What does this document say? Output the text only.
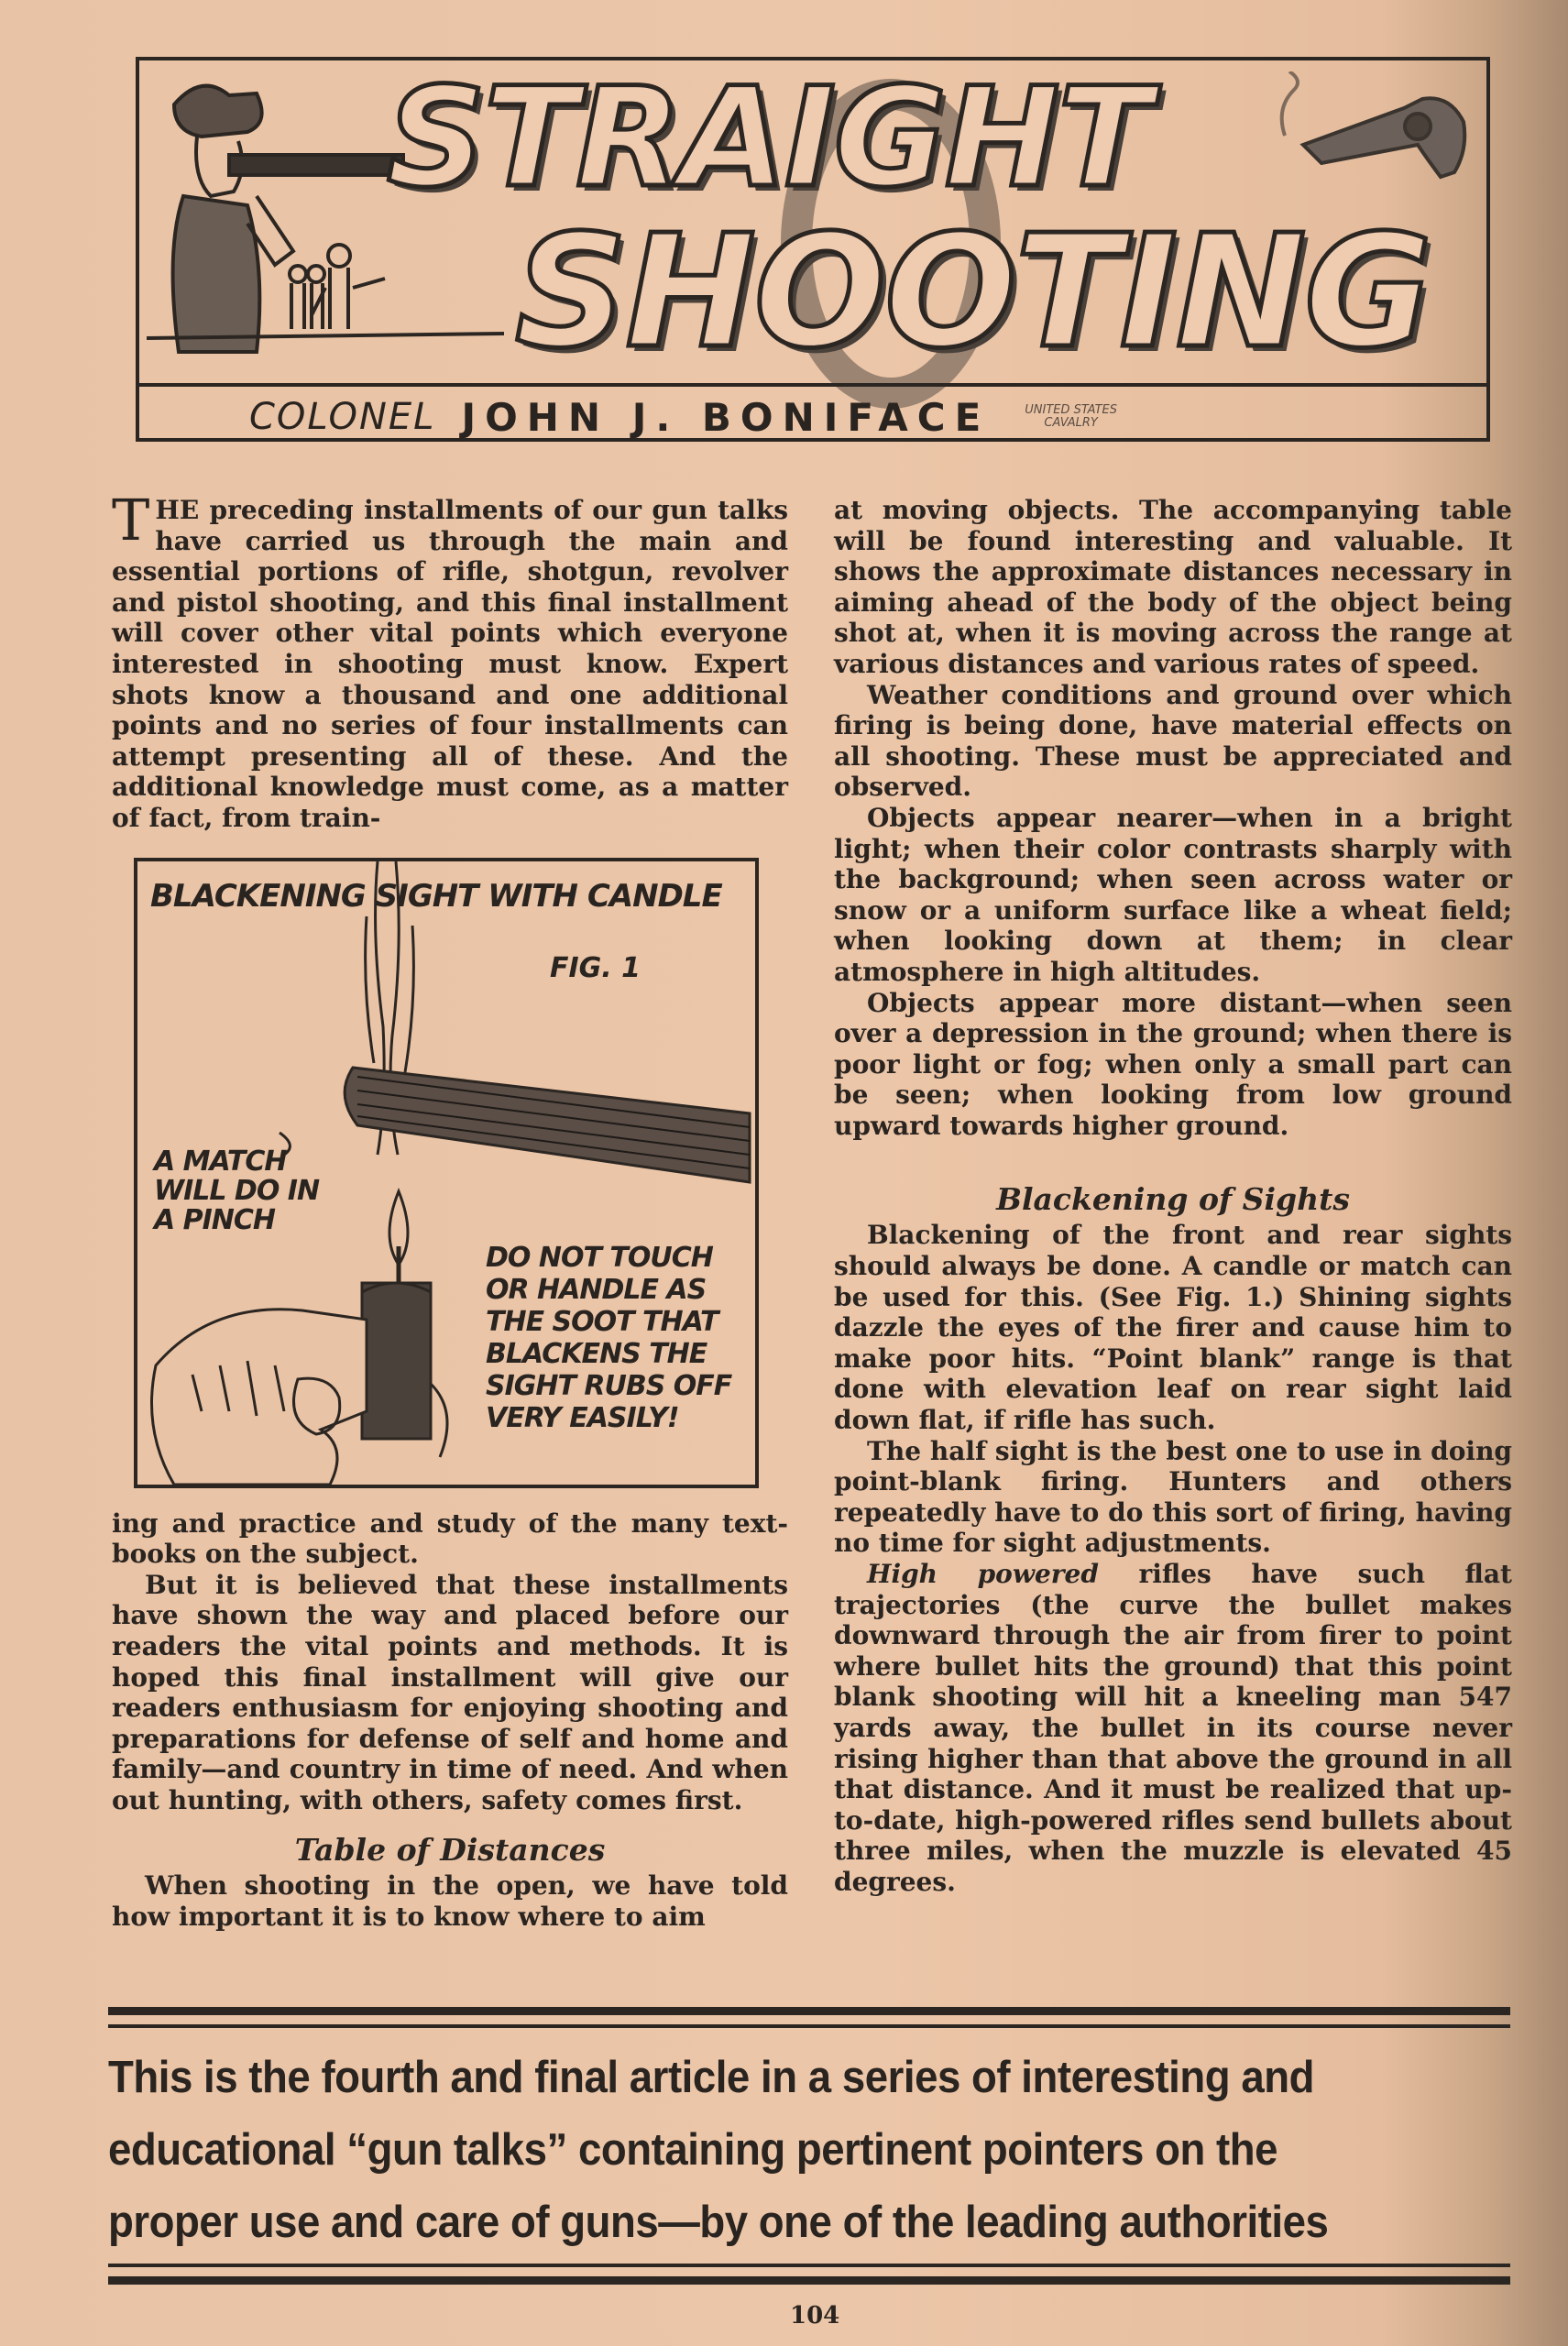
STRAIGHT
SHOOTING
COLONEL JOHN J. BONIFACE	UNITED STATES
CAVALRY

THE preceding installments of our gun talks have carried us through the main and essential portions of rifle, shotgun, revolver and pistol shooting, and this final installment will cover other vital points which everyone interested in shooting must know. Expert shots know a thousand and one additional points and no series of four installments can attempt presenting all of these. And the additional knowledge must come, as a matter of fact, from train-

BLACKENING SIGHT WITH CANDLE
FIG. 1
A MATCH
WILL DO IN
A PINCH
DO NOT TOUCH
OR HANDLE AS
THE SOOT THAT
BLACKENS THE
SIGHT RUBS OFF
VERY EASILY!

ing and practice and study of the many text-books on the subject.

But it is believed that these installments have shown the way and placed before our readers the vital points and methods. It is hoped this final installment will give our readers enthusiasm for enjoying shooting and preparations for defense of self and home and family—and country in time of need. And when out hunting, with others, safety comes first.

Table of Distances

When shooting in the open, we have told how important it is to know where to aim

at moving objects. The accompanying table will be found interesting and valuable. It shows the approximate distances necessary in aiming ahead of the body of the object being shot at, when it is moving across the range at various distances and various rates of speed.

Weather conditions and ground over which firing is being done, have material effects on all shooting. These must be appreciated and observed.

Objects appear nearer—when in a bright light; when their color contrasts sharply with the background; when seen across water or snow or a uniform surface like a wheat field; when looking down at them; in clear atmosphere in high altitudes.

Objects appear more distant—when seen over a depression in the ground; when there is poor light or fog; when only a small part can be seen; when looking from low ground upward towards higher ground.

Blackening of Sights

Blackening of the front and rear sights should always be done. A candle or match can be used for this. (See Fig. 1.) Shining sights dazzle the eyes of the firer and cause him to make poor hits. “Point blank” range is that done with elevation leaf on rear sight laid down flat, if rifle has such.

The half sight is the best one to use in doing point-blank firing. Hunters and others repeatedly have to do this sort of firing, having no time for sight adjustments.

High powered rifles have such flat trajectories (the curve the bullet makes downward through the air from firer to point where bullet hits the ground) that this point blank shooting will hit a kneeling man 547 yards away, the bullet in its course never rising higher than that above the ground in all that distance. And it must be realized that up-to-date, high-powered rifles send bullets about three miles, when the muzzle is elevated 45 degrees.

This is the fourth and final article in a series of interesting and
educational “gun talks” containing pertinent pointers on the
proper use and care of guns—by one of the leading authorities
104
